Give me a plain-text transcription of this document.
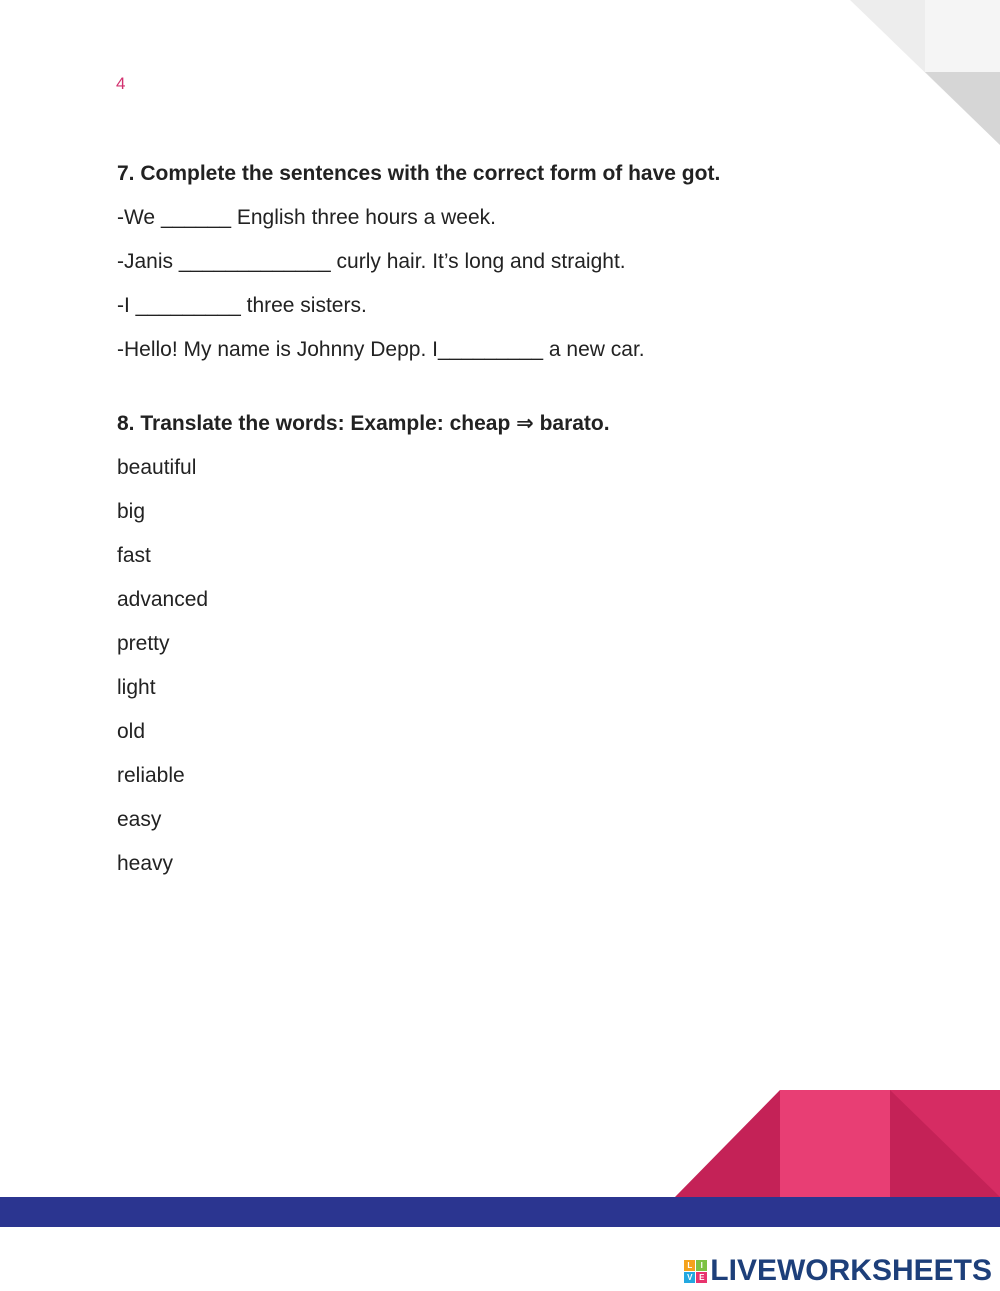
4

7. Complete the sentences with the correct form of have got.

-We ______ English three hours a week.

-Janis _____________ curly hair. It’s long and straight.

-I _________ three sisters.

-Hello! My name is Johnny Depp. I_________ a new car.

8. Translate the words: Example: cheap ⇒ barato.

beautiful

big

fast

advanced

pretty

light

old

reliable

easy

heavy

L	I
V E LIVEWORKSHEETS
